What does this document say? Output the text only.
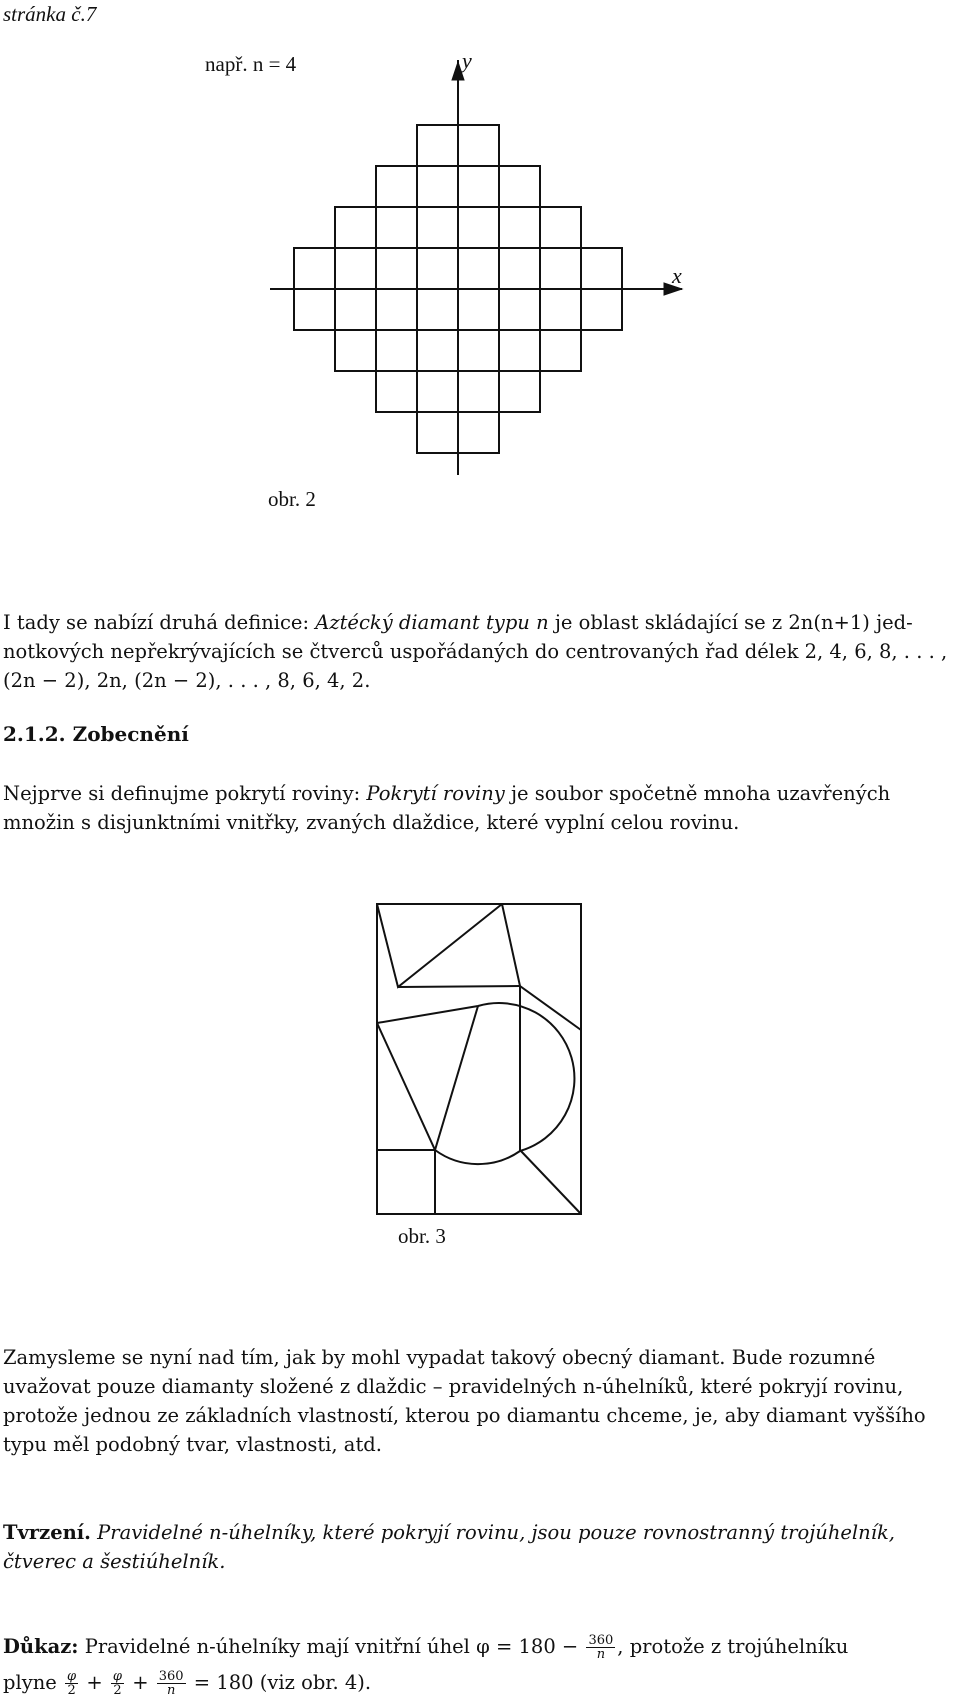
stránka č.7
např. n = 4	y
x
obr. 2
I tady se nabízí druhá definice: Aztécký diamant typu n je oblast skládající se z 2n(n+1) jed-
notkových nepřekrývajících se čtverců uspořádaných do centrovaných řad délek 2, 4, 6, 8, . . . ,
(2n − 2), 2n, (2n − 2), . . . , 8, 6, 4, 2.
2.1.2. Zobecnění
Nejprve si definujme pokrytí roviny: Pokrytí roviny je soubor spočetně mnoha uzavřených
množin s disjunktními vnitřky, zvaných dlaždice, které vyplní celou rovinu.
obr. 3
Zamysleme se nyní nad tím, jak by mohl vypadat takový obecný diamant. Bude rozumné
uvažovat pouze diamanty složené z dlaždic – pravidelných n-úhelníků, které pokryjí rovinu,
protože jednou ze základních vlastností, kterou po diamantu chceme, je, aby diamant vyššího
typu měl podobný tvar, vlastnosti, atd.
Tvrzení. Pravidelné n-úhelníky, které pokryjí rovinu, jsou pouze rovnostranný trojúhelník,
čtverec a šestiúhelník.
Důkaz: Pravidelné n-úhelníky mají vnitřní úhel $\varphi = 180 - \frac{360}{n}$ , protože z trojúhelníku
plyne $\frac{\varphi}{2} + \frac{\varphi}{2} + \frac{360}{n} = 180$ (viz obr. 4).
